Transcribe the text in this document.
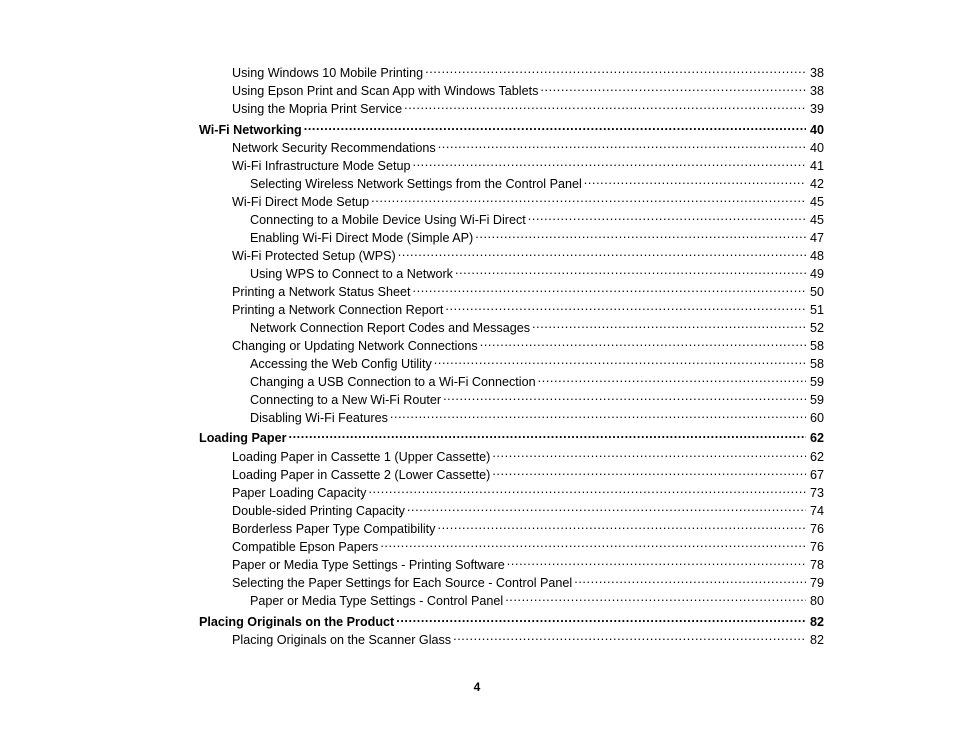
Using Windows 10 Mobile Printing .....	38
Using Epson Print and Scan App with Windows Tablets .....	38
Using the Mopria Print Service .....	39
Wi-Fi Networking .....	40
Network Security Recommendations .....	40
Wi-Fi Infrastructure Mode Setup .....	41
Selecting Wireless Network Settings from the Control Panel .....	42
Wi-Fi Direct Mode Setup .....	45
Connecting to a Mobile Device Using Wi-Fi Direct .....	45
Enabling Wi-Fi Direct Mode (Simple AP) .....	47
Wi-Fi Protected Setup (WPS) .....	48
Using WPS to Connect to a Network .....	49
Printing a Network Status Sheet .....	50
Printing a Network Connection Report .....	51
Network Connection Report Codes and Messages .....	52
Changing or Updating Network Connections .....	58
Accessing the Web Config Utility .....	58
Changing a USB Connection to a Wi-Fi Connection .....	59
Connecting to a New Wi-Fi Router .....	59
Disabling Wi-Fi Features .....	60
Loading Paper .....	62
Loading Paper in Cassette 1 (Upper Cassette) .....	62
Loading Paper in Cassette 2 (Lower Cassette) .....	67
Paper Loading Capacity .....	73
Double-sided Printing Capacity .....	74
Borderless Paper Type Compatibility .....	76
Compatible Epson Papers .....	76
Paper or Media Type Settings - Printing Software .....	78
Selecting the Paper Settings for Each Source - Control Panel .....	79
Paper or Media Type Settings - Control Panel .....	80
Placing Originals on the Product .....	82
Placing Originals on the Scanner Glass .....	82
4
